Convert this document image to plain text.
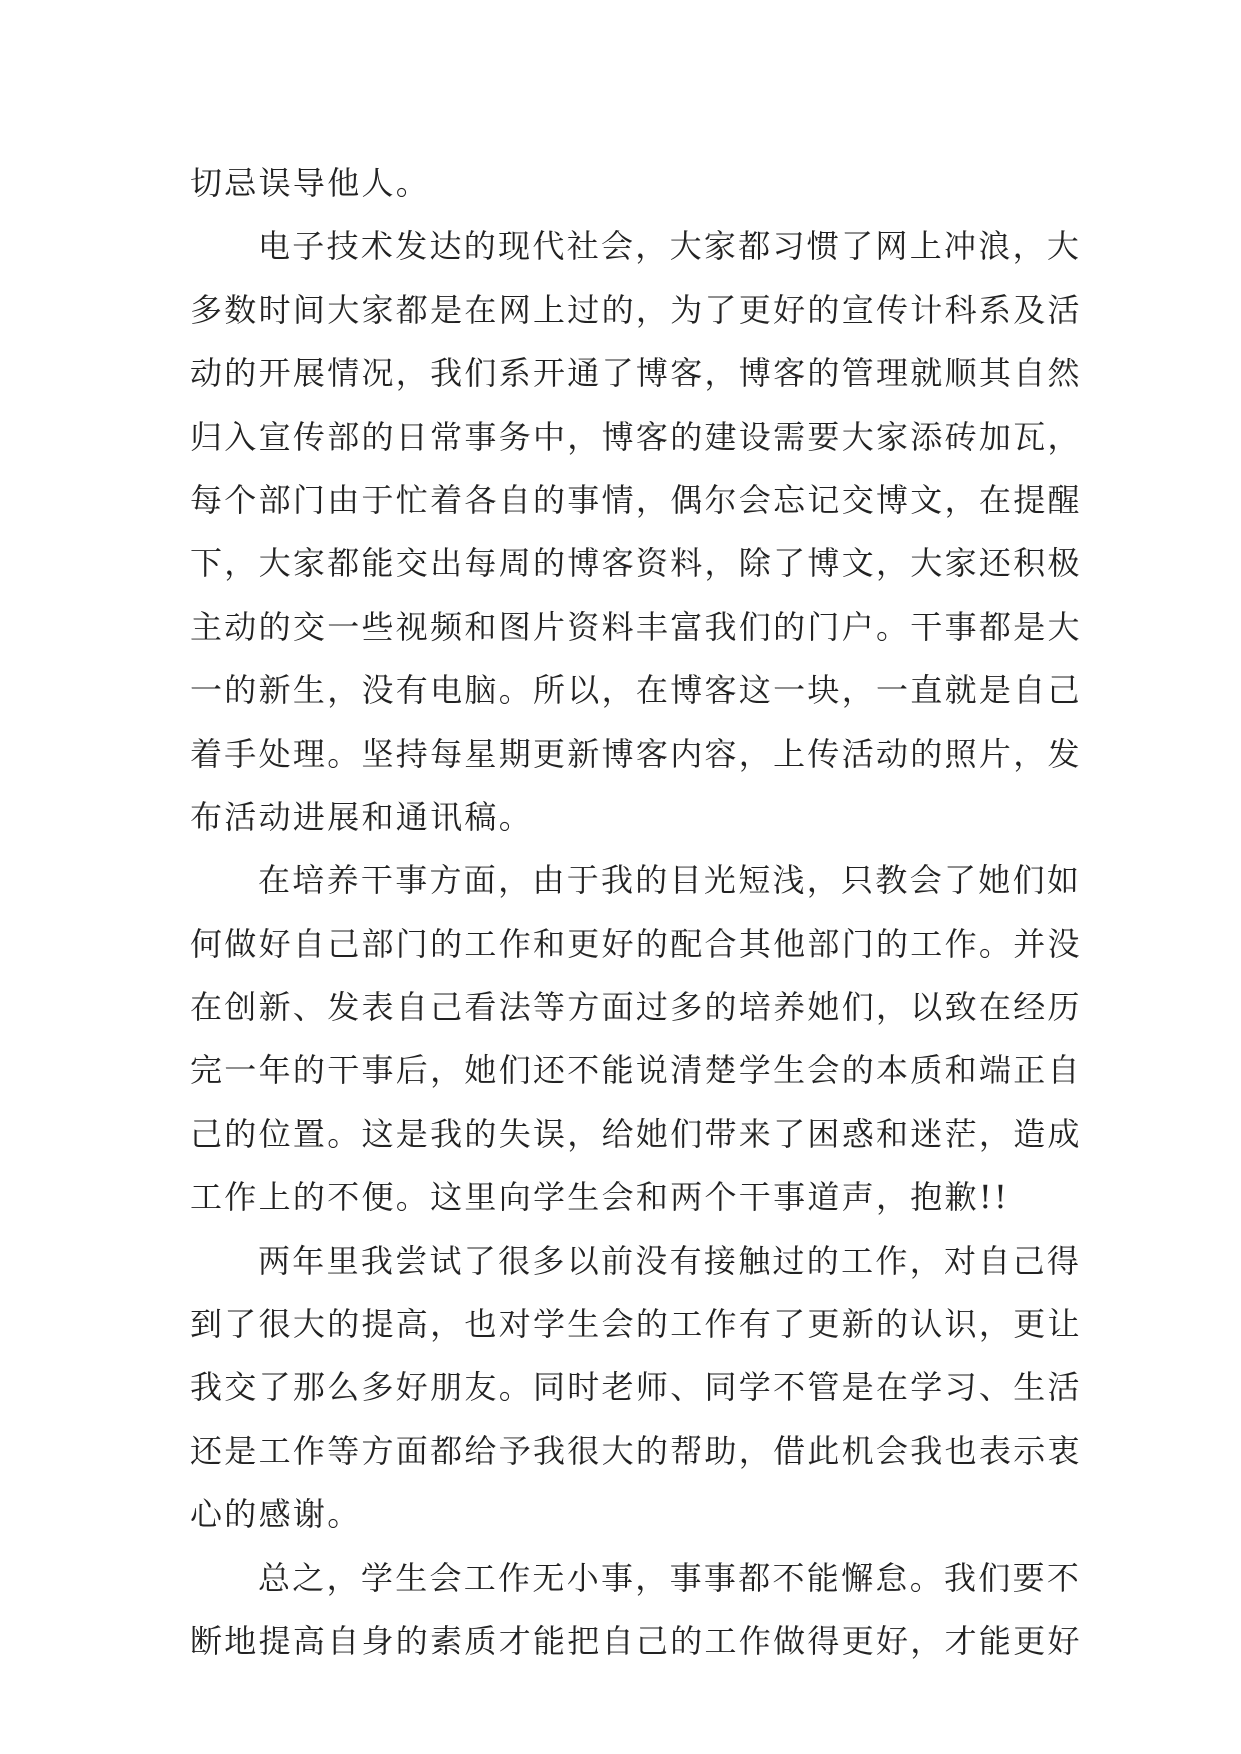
切忌误导他人。
电子技术发达的现代社会，大家都习惯了网上冲浪，大
多数时间大家都是在网上过的，为了更好的宣传计科系及活
动的开展情况，我们系开通了博客，博客的管理就顺其自然
归入宣传部的日常事务中，博客的建设需要大家添砖加瓦，
每个部门由于忙着各自的事情，偶尔会忘记交博文，在提醒
下，大家都能交出每周的博客资料，除了博文，大家还积极
主动的交一些视频和图片资料丰富我们的门户。干事都是大
一的新生，没有电脑。所以，在博客这一块，一直就是自己
着手处理。坚持每星期更新博客内容，上传活动的照片，发
布活动进展和通讯稿。
在培养干事方面，由于我的目光短浅，只教会了她们如
何做好自己部门的工作和更好的配合其他部门的工作。并没
在创新、发表自己看法等方面过多的培养她们，以致在经历
完一年的干事后，她们还不能说清楚学生会的本质和端正自
己的位置。这是我的失误，给她们带来了困惑和迷茫，造成
工作上的不便。这里向学生会和两个干事道声，抱歉!!
两年里我尝试了很多以前没有接触过的工作，对自己得
到了很大的提高，也对学生会的工作有了更新的认识，更让
我交了那么多好朋友。同时老师、同学不管是在学习、生活
还是工作等方面都给予我很大的帮助，借此机会我也表示衷
心的感谢。
总之，学生会工作无小事，事事都不能懈怠。我们要不
断地提高自身的素质才能把自己的工作做得更好，才能更好
